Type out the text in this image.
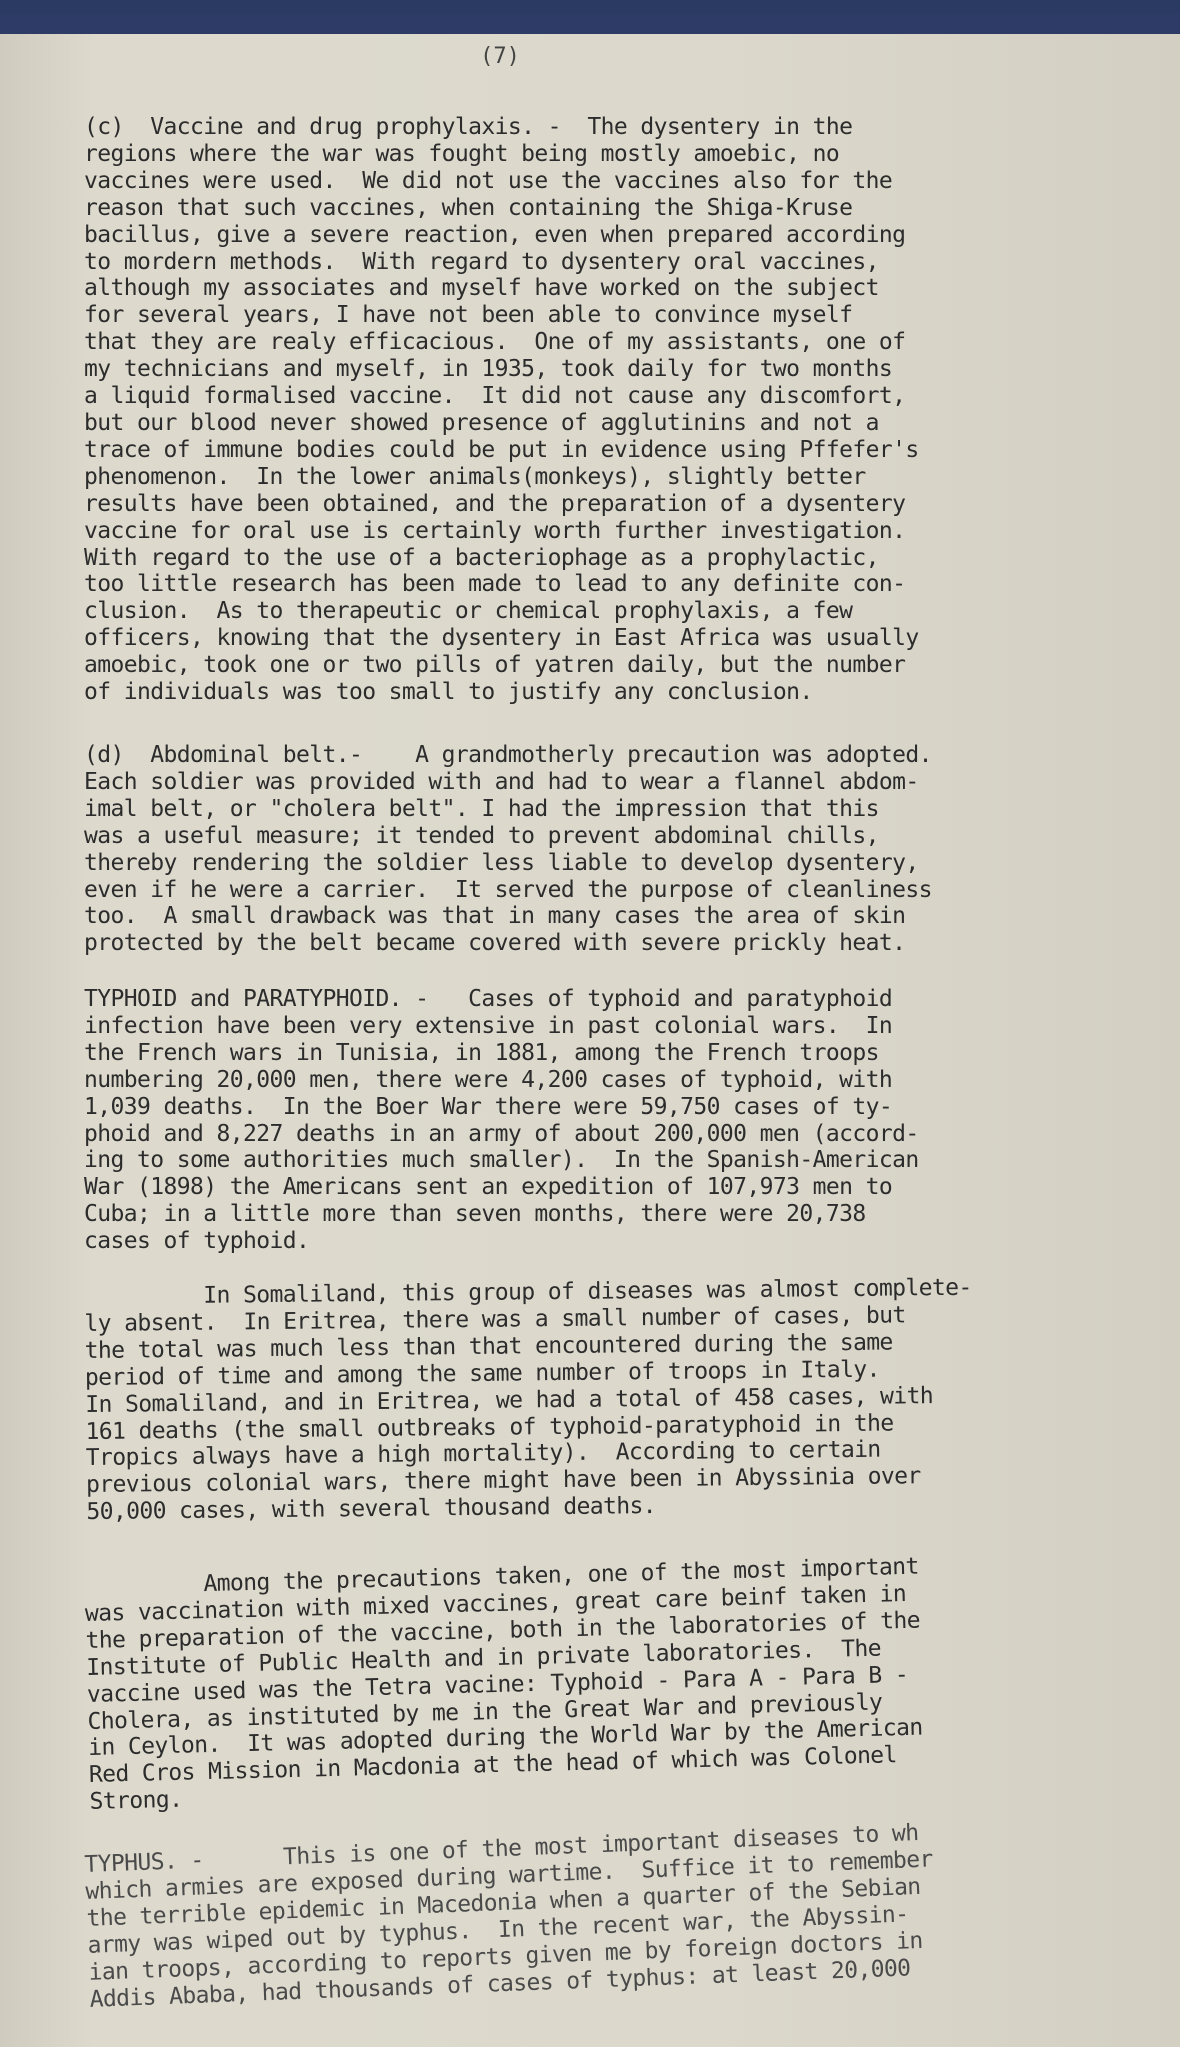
(7)

(c)  Vaccine and drug prophylaxis. -  The dysentery in the
regions where the war was fought being mostly amoebic, no
vaccines were used.  We did not use the vaccines also for the
reason that such vaccines, when containing the Shiga-Kruse
bacillus, give a severe reaction, even when prepared according
to mordern methods.  With regard to dysentery oral vaccines,
although my associates and myself have worked on the subject
for several years, I have not been able to convince myself
that they are realy efficacious.  One of my assistants, one of
my technicians and myself, in 1935, took daily for two months
a liquid formalised vaccine.  It did not cause any discomfort,
but our blood never showed presence of agglutinins and not a
trace of immune bodies could be put in evidence using Pffefer's
phenomenon.  In the lower animals(monkeys), slightly better
results have been obtained, and the preparation of a dysentery
vaccine for oral use is certainly worth further investigation.
With regard to the use of a bacteriophage as a prophylactic,
too little research has been made to lead to any definite con-
clusion.  As to therapeutic or chemical prophylaxis, a few
officers, knowing that the dysentery in East Africa was usually
amoebic, took one or two pills of yatren daily, but the number
of individuals was too small to justify any conclusion.

(d)  Abdominal belt.-    A grandmotherly precaution was adopted.
Each soldier was provided with and had to wear a flannel abdom-
imal belt, or "cholera belt". I had the impression that this
was a useful measure; it tended to prevent abdominal chills,
thereby rendering the soldier less liable to develop dysentery,
even if he were a carrier.  It served the purpose of cleanliness
too.  A small drawback was that in many cases the area of skin
protected by the belt became covered with severe prickly heat.

TYPHOID and PARATYPHOID. -   Cases of typhoid and paratyphoid
infection have been very extensive in past colonial wars.  In
the French wars in Tunisia, in 1881, among the French troops
numbering 20,000 men, there were 4,200 cases of typhoid, with
1,039 deaths.  In the Boer War there were 59,750 cases of ty-
phoid and 8,227 deaths in an army of about 200,000 men (accord-
ing to some authorities much smaller).  In the Spanish-American
War (1898) the Americans sent an expedition of 107,973 men to
Cuba; in a little more than seven months, there were 20,738
cases of typhoid.

In Somaliland, this group of diseases was almost complete-
ly absent.  In Eritrea, there was a small number of cases, but
the total was much less than that encountered during the same
period of time and among the same number of troops in Italy.
In Somaliland, and in Eritrea, we had a total of 458 cases, with
161 deaths (the small outbreaks of typhoid-paratyphoid in the
Tropics always have a high mortality).  According to certain
previous colonial wars, there might have been in Abyssinia over
50,000 cases, with several thousand deaths.

Among the precautions taken, one of the most important
was vaccination with mixed vaccines, great care beinf taken in
the preparation of the vaccine, both in the laboratories of the
Institute of Public Health and in private laboratories.  The
vaccine used was the Tetra vacine: Typhoid - Para A - Para B -
Cholera, as instituted by me in the Great War and previously
in Ceylon.  It was adopted during the World War by the American
Red Cros Mission in Macdonia at the head of which was Colonel
Strong.

TYPHUS. -      This is one of the most important diseases to wh
which armies are exposed during wartime.  Suffice it to remember
the terrible epidemic in Macedonia when a quarter of the Sebian
army was wiped out by typhus.  In the recent war, the Abyssin-
ian troops, according to reports given me by foreign doctors in
Addis Ababa, had thousands of cases of typhus: at least 20,000
